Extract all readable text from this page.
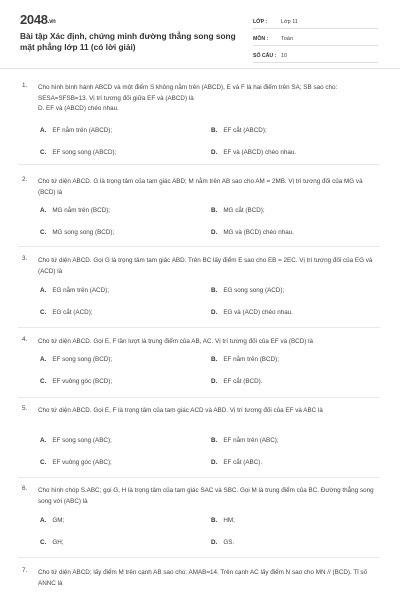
2048.vn
Bài tập Xác định, chứng minh đường thẳng song song mặt phẳng lớp 11 (có lời giải)
LỚP :	Lớp 11
MÔN :	Toán
SỐ CÂU : 10
1. Cho hình bình hành ABCD và một điểm S không nằm trên (ABCD), E và F là hai điểm trên SA; SB sao cho: SESA=SFSB=13. Vị trí tương đối giữa EF và (ABCD) là
D. EF và (ABCD) chéo nhau.
A. EF nằm trên (ABCD);	B. EF cắt (ABCD);
C. EF song song (ABCD);	D. EF và (ABCD) chéo nhau.
2. Cho tứ diện ABCD. G là trọng tâm của tam giác ABD; M nằm trên AB sao cho AM = 2MB. Vị trí tương đối của MG và (BCD) là
A. MG nằm trên (BCD);	B. MG cắt (BCD);
C. MG song song (BCD);	D. MG và (BCD) chéo nhau.
3. Cho tứ diện ABCD. Gọi G là trọng tâm tam giác ABD. Trên BC lấy điểm E sao cho EB = 2EC. Vị trí tương đối của EG và (ACD) là
A. EG nằm trên (ACD);	B. EG song song (ACD);
C. EG cắt (ACD);	D. EG và (ACD) chéo nhau.
4. Cho tứ diện ABCD. Gọi E, F lần lượt là trung điểm của AB, AC. Vị trí tương đối của EF và (BCD) là
A. EF song song (BCD);	B. EF nằm trên (BCD);
C. EF vuông góc (BCD);	D. EF cắt (BCD).
5. Cho tứ diện ABCD. Gọi E, F là trọng tâm của tam giác ACD và ABD. Vị trí tương đối của EF và ABC là
A. EF song song (ABC);	B. EF nằm trên (ABC);
C. EF vuông góc (ABC);	D. EF cắt (ABC).
6. Cho hình chóp S.ABC; gọi G, H là trọng tâm của tam giác SAC và SBC. Gọi M là trung điểm của BC. Đường thẳng song song với (ABC) là
A. GM;	B. HM;
C. GH;	D. GS.
7. Cho tứ diện ABCD; lấy điểm M trên cạnh AB sao cho: AMAB=14. Trên cạnh AC lấy điểm N sao cho MN // (BCD). Tỉ số ANNC là
